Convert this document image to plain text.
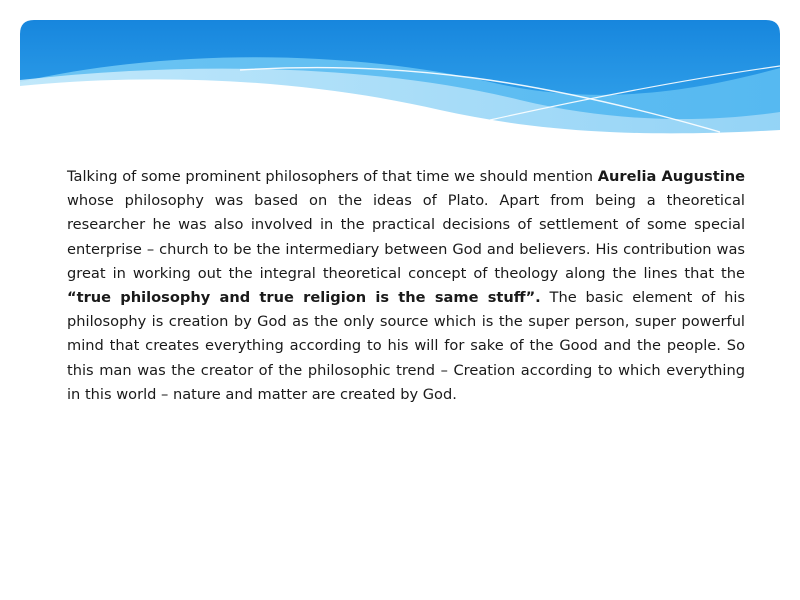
Talking of some prominent philosophers of that time we should mention Aurelia Augustine whose philosophy was based on the ideas of Plato. Apart from being a theoretical researcher he was also involved in the practical decisions of settlement of some special enterprise – church to be the intermediary between God and believers. His contribution was great in working out the integral theoretical concept of theology along the lines that the “true philosophy and true religion is the same stuff”. The basic element of his philosophy is creation by God as the only source which is the super person, super powerful mind that creates everything according to his will for sake of the Good and the people. So this man was the creator of the philosophic trend – Creation according to which everything in this world – nature and matter are created by God.
